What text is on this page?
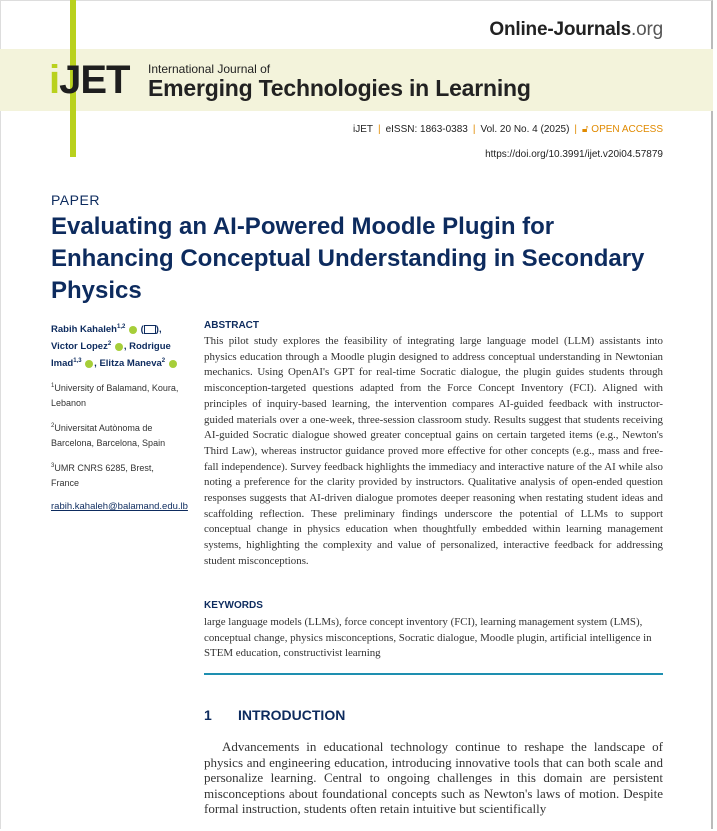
Online-Journals.org
iJET International Journal of
Emerging Technologies in Learning
iJET | eISSN: 1863-0383 | Vol. 20 No. 4 (2025) | 🔓︎ OPEN ACCESS
https://doi.org/10.3991/ijet.v20i04.57879
PAPER
Evaluating an AI-Powered Moodle Plugin for Enhancing Conceptual Understanding in Secondary Physics
Rabih Kahaleh$^{1,2}$  ( ), Victor Lopez$^2$ , Rodrigue Imad$^{1,3}$ , Elitza Maneva$^2$
$^1$University of Balamand, Koura, Lebanon
$^2$Universitat Autònoma de Barcelona, Barcelona, Spain
$^3$UMR CNRS 6285, Brest, France
rabih.kahaleh@balamand.edu.lb
ABSTRACT
This pilot study explores the feasibility of integrating large language model (LLM) assistants into physics education through a Moodle plugin designed to address conceptual understanding in Newtonian mechanics. Using OpenAI's GPT for real-time Socratic dialogue, the plugin guides students through misconception-targeted questions adapted from the Force Concept Inventory (FCI). Aligned with principles of inquiry-based learning, the intervention compares AI-guided feedback with instructor-guided materials over a one-week, three-session classroom study. Results suggest that students receiving AI-guided Socratic dialogue showed greater conceptual gains on certain targeted items (e.g., Newton's Third Law), whereas instructor guidance proved more effective for other concepts (e.g., mass and free-fall independence). Survey feedback highlights the immediacy and interactive nature of the AI while also noting a preference for the clarity provided by instructors. Qualitative analysis of open-ended question responses suggests that AI-driven dialogue promotes deeper reasoning when restating student ideas and scaffolding reflection. These preliminary findings underscore the potential of LLMs to support conceptual change in physics education when thoughtfully embedded within learning management systems, highlighting the complexity and value of personalized, interactive feedback for addressing student misconceptions.
KEYWORDS
large language models (LLMs), force concept inventory (FCI), learning management system (LMS), conceptual change, physics misconceptions, Socratic dialogue, Moodle plugin, artificial intelligence in STEM education, constructivist learning
1 INTRODUCTION
Advancements in educational technology continue to reshape the landscape of physics and engineering education, introducing innovative tools that can both scale and personalize learning. Central to ongoing challenges in this domain are persistent misconceptions about foundational concepts such as Newton's laws of motion. Despite formal instruction, students often retain intuitive but scientifically
